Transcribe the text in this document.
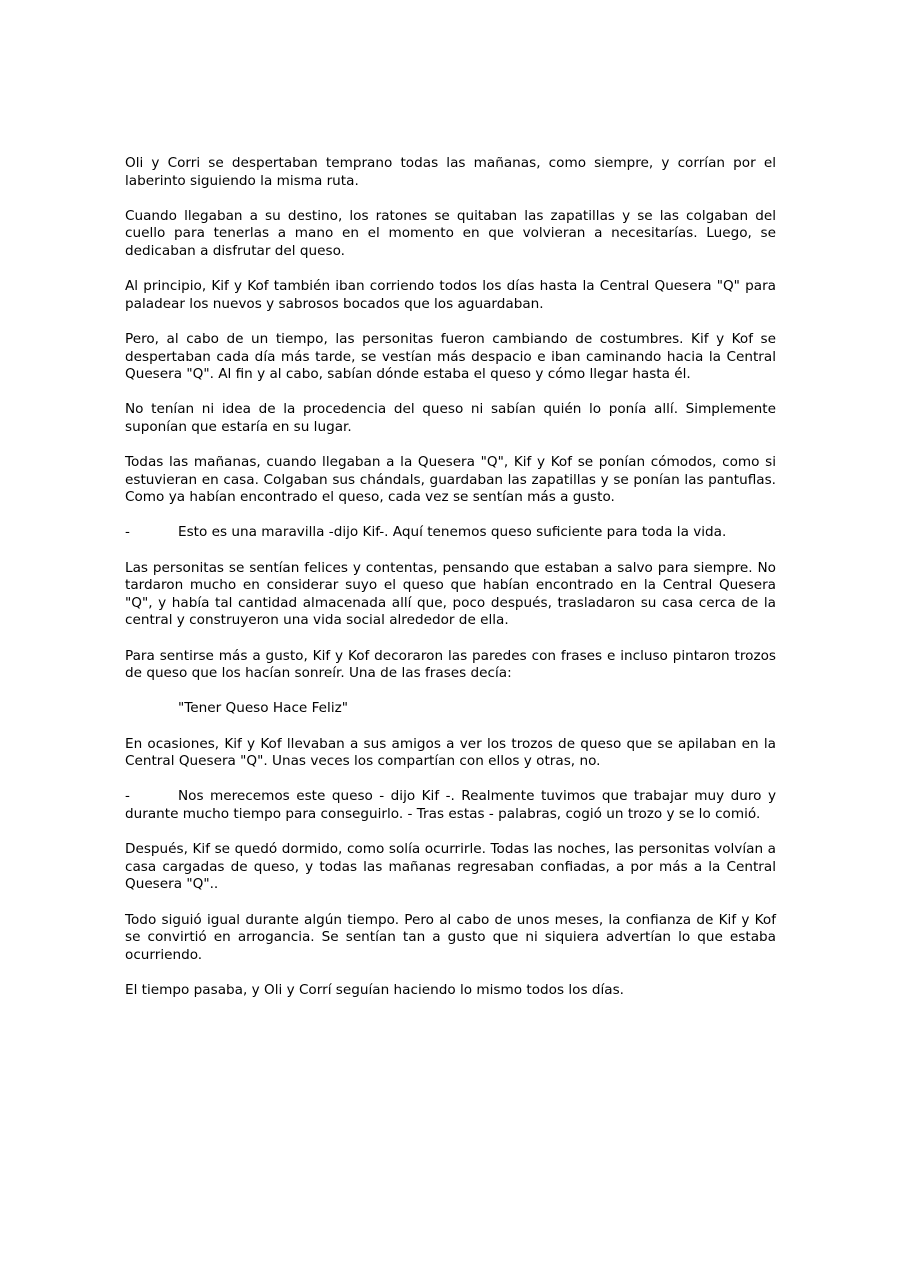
Oli y Corri se despertaban temprano todas las mañanas, como siempre, y corrían por el laberinto siguiendo la misma ruta.

Cuando llegaban a su destino, los ratones se quitaban las zapatillas y se las colgaban del cuello para tenerlas a mano en el momento en que volvieran a necesitarías. Luego, se dedicaban a disfrutar del queso.

Al principio, Kif y Kof también iban corriendo todos los días hasta la Central Quesera "Q" para paladear los nuevos y sabrosos bocados que los aguardaban.

Pero, al cabo de un tiempo, las personitas fueron cambiando de costumbres. Kif y Kof se despertaban cada día más tarde, se vestían más despacio e iban caminando hacia la Central Quesera "Q". Al fin y al cabo, sabían dónde estaba el queso y cómo llegar hasta él.

No tenían ni idea de la procedencia del queso ni sabían quién lo ponía allí. Simplemente suponían que estaría en su lugar.

Todas las mañanas, cuando llegaban a la Quesera "Q", Kif y Kof se ponían cómodos, como si estuvieran en casa. Colgaban sus chándals, guardaban las zapatillas y se ponían las pantuflas. Como ya habían encontrado el queso, cada vez se sentían más a gusto.

-	Esto es una maravilla -dijo Kif-. Aquí tenemos queso suficiente para toda la vida.

Las personitas se sentían felices y contentas, pensando que estaban a salvo para siempre. No tardaron mucho en considerar suyo el queso que habían encontrado en la Central Quesera "Q", y había tal cantidad almacenada allí que, poco después, trasladaron su casa cerca de la central y construyeron una vida social alrededor de ella.

Para sentirse más a gusto, Kif y Kof decoraron las paredes con frases e incluso pintaron trozos de queso que los hacían sonreír. Una de las frases decía:

"Tener Queso Hace Feliz"

En ocasiones, Kif y Kof llevaban a sus amigos a ver los trozos de queso que se apilaban en la Central Quesera "Q". Unas veces los compartían con ellos y otras, no.

-	Nos merecemos este queso - dijo Kif -. Realmente tuvimos que trabajar muy duro y durante mucho tiempo para conseguirlo. - Tras estas - palabras, cogió un trozo y se lo comió.

Después, Kif se quedó dormido, como solía ocurrirle. Todas las noches, las personitas volvían a casa cargadas de queso, y todas las mañanas regresaban confiadas, a por más a la Central Quesera "Q"..

Todo siguió igual durante algún tiempo. Pero al cabo de unos meses, la confianza de Kif y Kof se convirtió en arrogancia. Se sentían tan a gusto que ni siquiera advertían lo que estaba ocurriendo.

El tiempo pasaba, y Oli y Corrí seguían haciendo lo mismo todos los días.
